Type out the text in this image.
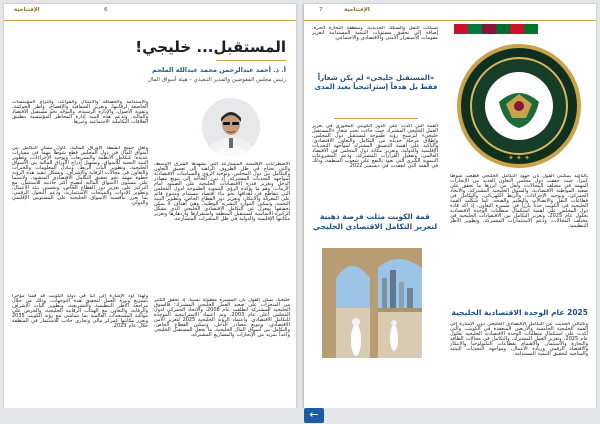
الإفتتاحية	6
المستقبل... خليجي!
أ. د. أحمد عبدالرحمن محمد عبدالله الملحم
رئيس مجلس المفوضين والمدير التنفيذي – هيئة أسواق المال

والاستدامة والحصافة والامتثال والقواعد، والتزام المؤسسات الخاضعة لرقابتها، وتعزيز الشفافية والإفصاح، وأطر الحوكمة، وتقوية الأصول، والإدارة الرشيدة، والتوجّه نحو مستقبل الاقتصاد والمالية. وتدعم هذه البنية إدارة المخاطر المؤسسية بتطبيق العلاقات التكاملية الاجتماعية وغيرها.

ولعل جميع أنشطة الأوراق المالية، كأول مسار التكامل بين أسواق المال في دول المجلس قطع شوطاً مهماً في مسارات عديدة؛ كتكامل الأنظمة والتشريعات وتوحيد الإجراءات، وتطوير البنية التحتية للأسواق، وتسهيل إدراج الأوراق المالية بين الأسواق الخليجية، وتطوير آليات الربط، وتبادل المعلومات والخبرات والتعاون في مجالات الرقابة والإشراف. ويشكل تنفيذ هذه الرؤية خطوة مهمة نحو تحقيق التكامل الاقتصادي المنشود، ولاسيما على مستوى الأسواق المالية لتصبح أكثر جاذبية للاستثمار، مع التركيز على تعزيز دور القطاع الخاص، وتحسين بيئة الأعمال، وتطوير الأدوات والمنتجات الاستثمارية، ودعم التحول الرقمي، بما يعزز تنافسية الأسواق الخليجية على المستويين الإقليمي والدولي.

ولهذا أود الإشارة إلى أننا في دولة الكويت قد قمنا مؤخراً بتسريع وتيرة العمل لتحقيق هذه التوجهات، وذلك من خلال مراجعة الأطر التنظيمية والتشريعية، وتطوير آليات الإشراف والرقابة، والتعاون مع الهيئات الرقابية الخليجية، والحرص على مواكبة المستجدات العالمية بما يتماشى مع رؤية الكويت 2035 ويعزز مكانتها كمركز مالي وتجاري جاذب للاستثمار في المنطقة خلال عام 2023.

الاضطرابات الإقليمية المتسارعة التي يشهدها الشرق الأوسط، والتي تحتاج في ظل الظروف الراهنة إلى تعميق التعاون والتكامل بين دول المجلس، وتوحيد الرؤى والسياسات الاقتصادية لمواجهة التحديات المشتركة، إذ تبرز الحاجة إلى تنويع مصادر الدخل وتعزيز قدرة الاقتصادات الخليجية على الصمود أمام الأزمات، وهو ما تؤكده الرؤى التنموية الطموحة لدول المجلس التي تتقاطع في أهدافها نحو بناء اقتصاد مستدام ومتنوع قائم على المعرفة والابتكار، وتعزيز دور القطاع الخاص، وتطوير البنية التحتية، وتمكين الموارد البشرية الوطنية، وهي أهداف لا يمكن تحقيقها بمعزل عن التكامل الاقتصادي الخليجي الذي يشكل الركيزة الأساسية لمستقبل المنطقة واستقرارها وازدهارها وتعزيز مكانتها الإقليمية والدولية في ظل المتغيرات المتسارعة.

خليجياً، يمكن القول بأن المسيرة معقولة نسبياً، إذ تحقق الكثير من المنجزات على صعيد العمل الخليجي المشترك؛ فالسوق الخليجية المشتركة انطلقت عام 2008، والاتحاد الجمركي لدول المجلس أُعلن عام 2003، وتم اعتماد الاستراتيجية الموحدة للتكامل الاقتصادي، واعتماد الرؤية الخليجية 2025 لتعزيز الأمن الاقتصادي، وتنويع مصادر الدخل، وتمكين القطاع الخاص، والتكامل بين أسواق المال الخليجية، ما يجعل المستقبل الخليجي واعداً بمزيد من الإنجازات والمشاريع المشتركة.

7	الإفتتاحية

شبكات النقل والسكك الحديدية، ومنطقة التجارة الحرة، إضافة إلى تحقيق مستويات التنمية المستدامة لتعزيز مقومات الاستقرار الأمني والاقتصادي والاجتماعي.

«المستقبل خليجي» لم يكن شعاراً فقط بل هدفاً إستراتيجياً بعيد المدى

القمة التي أكدت على الدور الكويتي المحوري في تعزيز العمل الخليجي المشترك حيث جاءت تحت شعار «المستقبل خليجي» لترسيخ رؤية طموحة لمستقبل دول المجلس، وإطلاق مرحلة جديدة من التكامل والتعاون الاقتصادي، والتأكيد على أهمية التنسيق المشترك لمواجهة التحديات الإقليمية والدولية، وتعزيز مكانة دول المجلس في الاقتصاد العالمي، وتفعيل القرارات المشتركة، ودعم المشروعات التنموية الكبرى التي تعود بالنفع على شعوب المنطقة، وذلك في القمة التي انعقدت في ديسمبر 2022.

قمة الكويت مثلت فرصة ذهبية لتعزيز التكامل الاقتصادي الخليجي
✦ ✦ ✦

بالتأكيد يمكنني القول بأن جهود التكامل الخليجي قطعت شوطاً كبيراً، حيث حققت دول مجلس التعاون العديد من الإنجازات المهمة في مختلف المجالات، ولعل من أبرزها ما تحقق على صعيد المواطنة الاقتصادية، والسوق الخليجية المشتركة، والاتحاد الجمركي، وتوحيد الإجراءات، والربط الكهربائي، والتكامل في قطاعات النقل والاتصالات والتعليم والصحة. كما شكّلت القمة الخليجية في الكويت حدثاً بارزاً في مسيرة التعاون، إذ أكد قادة دول المجلس على أهمية استكمال متطلبات الوحدة الاقتصادية بحلول عام 2025، وتعزيز التكامل بين الاقتصادات الخليجية في مختلف المجالات، ودعم الاستثمارات المشتركة، وتطوير الأطر التنظيمية.

2025 عام الوحدة الاقتصادية الخليجية

وبالتالي الحديث عن التكامل الاقتصادي الخليجي دون الإشارة إلى القمة الخليجية الخامسة والأربعين المنعقدة في الكويت، والتي أكدت على استكمال متطلبات الوحدة الاقتصادية الخليجية بحلول عام 2025، وتعزيز العمل المشترك، والتكامل في مجالات الطاقة والتجارة والاستثمار، والاهتمام بقطاعات التكنولوجيا والابتكار والاقتصاد الرقمي وريادة الأعمال، ومواجهة التحديات البيئية والمناخية لتحقيق التنمية المستدامة.

←
